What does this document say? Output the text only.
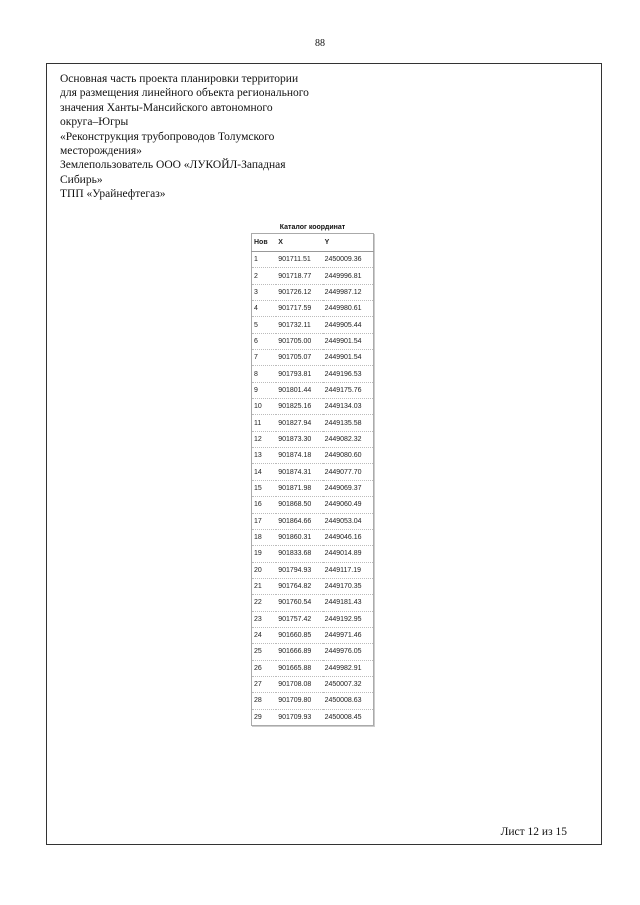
88
Основная часть проекта планировки территории
для размещения линейного объекта регионального
значения Ханты-Мансийского автономного
округа–Югры
«Реконструкция трубопроводов Толумского
месторождения»
Землепользователь ООО «ЛУКОЙЛ-Западная
Сибирь»
ТПП «Урайнефтегаз»
Каталог координат
Нов	X	Y
1	901711.51	2450009.36
2	901718.77	2449996.81
3	901726.12	2449987.12
4	901717.59	2449980.61
5	901732.11	2449905.44
6	901705.00	2449901.54
7	901705.07	2449901.54
8	901793.81	2449196.53
9	901801.44	2449175.76
10	901825.16	2449134.03
11	901827.94	2449135.58
12	901873.30	2449082.32
13	901874.18	2449080.60
14	901874.31	2449077.70
15	901871.98	2449069.37
16	901868.50	2449060.49
17	901864.66	2449053.04
18	901860.31	2449046.16
19	901833.68	2449014.89
20	901794.93	2449117.19
21	901764.82	2449170.35
22	901760.54	2449181.43
23	901757.42	2449192.95
24	901660.85	2449971.46
25	901666.89	2449976.05
26	901665.88	2449982.91
27	901708.08	2450007.32
28	901709.80	2450008.63
29	901709.93	2450008.45
Лист 12 из 15
